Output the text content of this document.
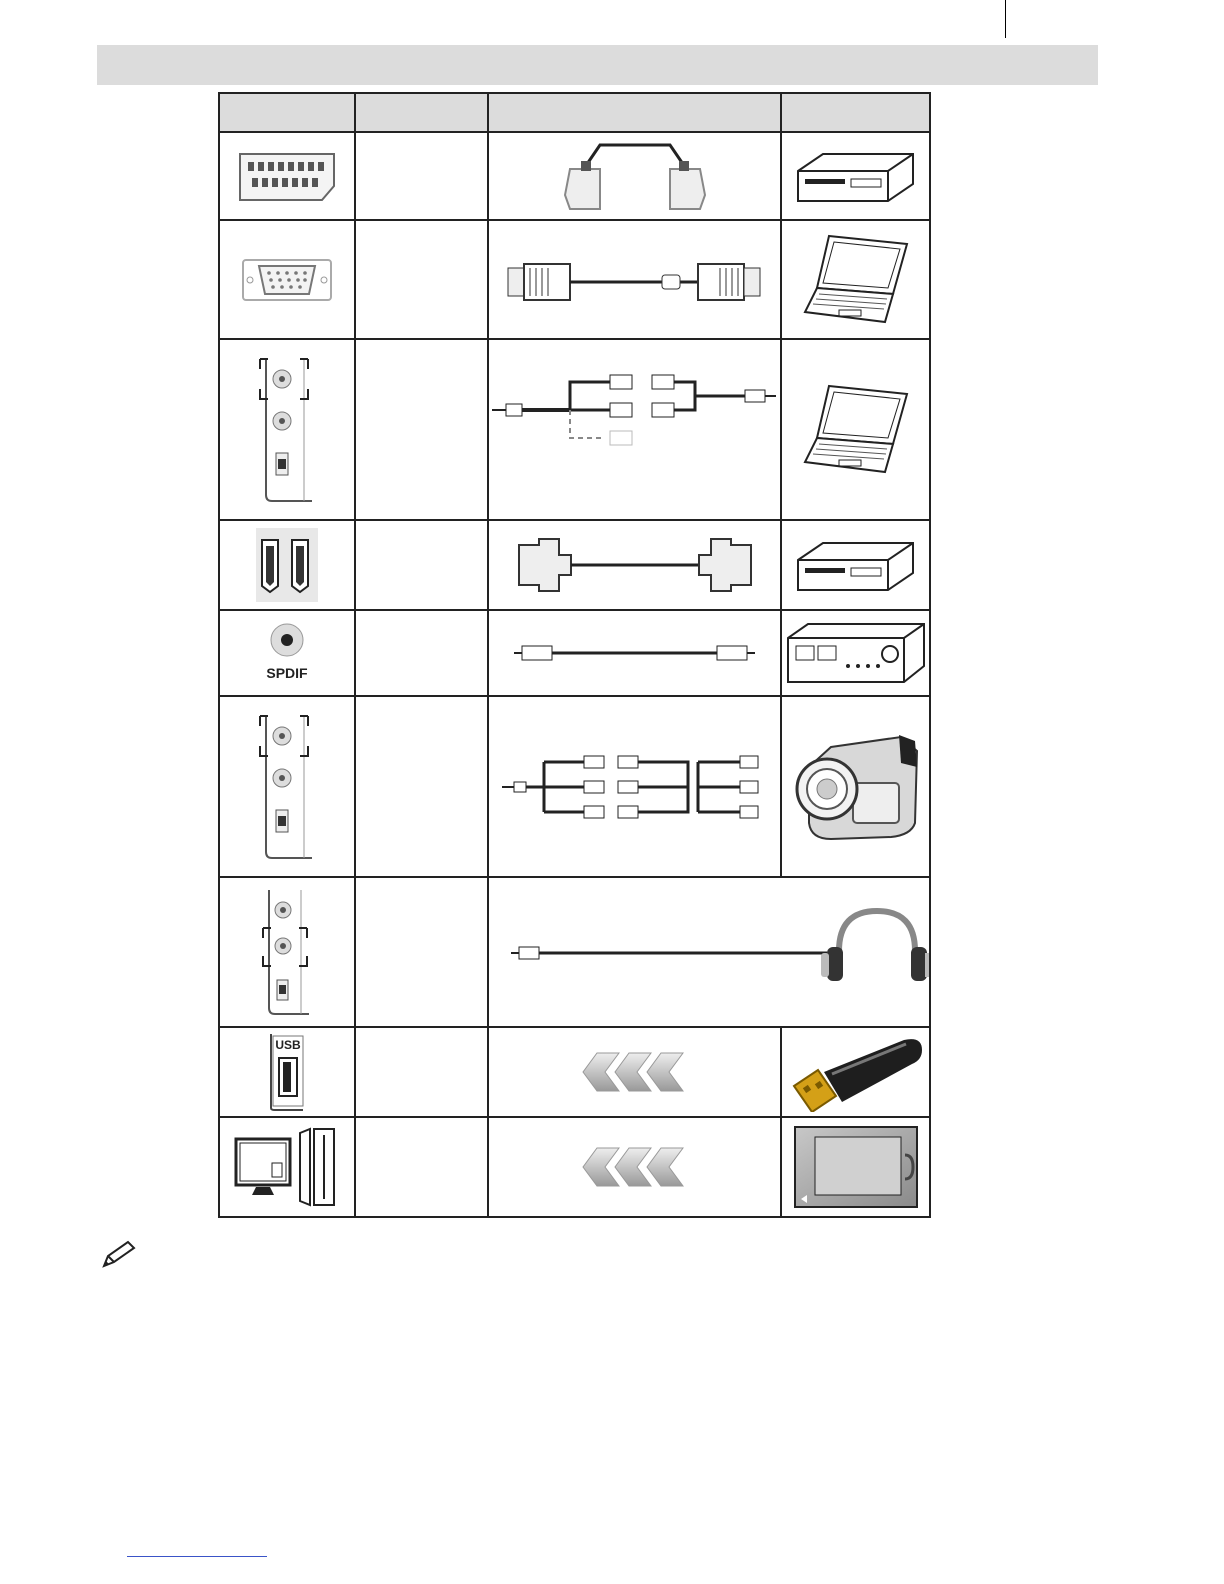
SPDIF

USB
